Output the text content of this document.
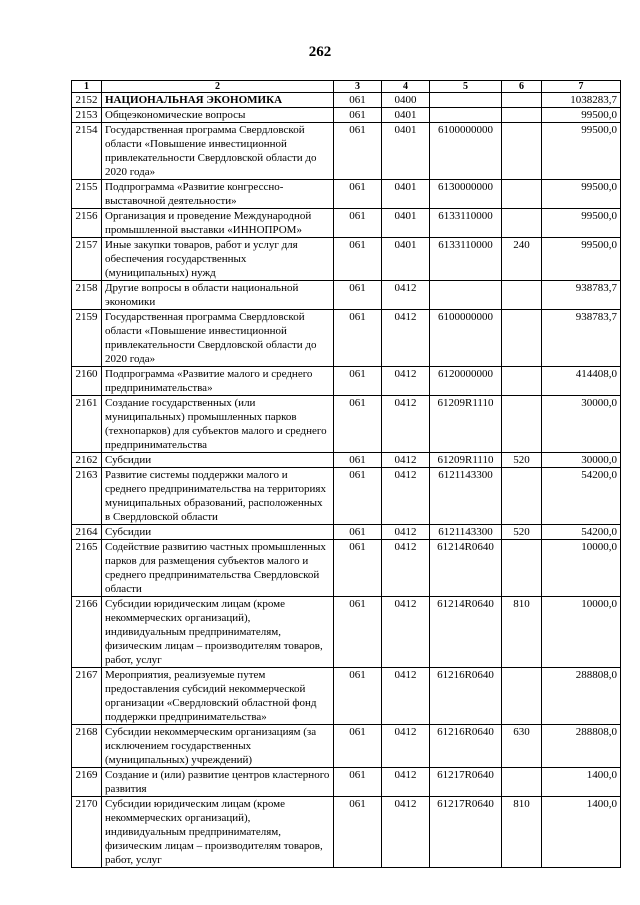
262
1	2	3	4	5	6	7
2152	НАЦИОНАЛЬНАЯ ЭКОНОМИКА	061	0400			1038283,7
2153	Общеэкономические вопросы	061	0401			99500,0
2154	Государственная программа Свердловской области «Повышение инвестиционной привлекательности Свердловской области до 2020 года»	061	0401	6100000000		99500,0
2155	Подпрограмма «Развитие конгрессно-выставочной деятельности»	061	0401	6130000000		99500,0
2156	Организация и проведение Международной промышленной выставки «ИННОПРОМ»	061	0401	6133110000		99500,0
2157	Иные закупки товаров, работ и услуг для обеспечения государственных (муниципальных) нужд	061	0401	6133110000	240	99500,0
2158	Другие вопросы в области национальной экономики	061	0412			938783,7
2159	Государственная программа Свердловской области «Повышение инвестиционной привлекательности Свердловской области до 2020 года»	061	0412	6100000000		938783,7
2160	Подпрограмма «Развитие малого и среднего предпринимательства»	061	0412	6120000000		414408,0
2161	Создание государственных (или муниципальных) промышленных парков (технопарков) для субъектов малого и среднего предпринимательства	061	0412	61209R1110		30000,0
2162	Субсидии	061	0412	61209R1110	520	30000,0
2163	Развитие системы поддержки малого и среднего предпринимательства на территориях муниципальных образований, расположенных в Свердловской области	061	0412	6121143300		54200,0
2164	Субсидии	061	0412	6121143300	520	54200,0
2165	Содействие развитию частных промышленных парков для размещения субъектов малого и среднего предпринимательства Свердловской области	061	0412	61214R0640		10000,0
2166	Субсидии юридическим лицам (кроме некоммерческих организаций), индивидуальным предпринимателям, физическим лицам – производителям товаров, работ, услуг	061	0412	61214R0640	810	10000,0
2167	Мероприятия, реализуемые путем предоставления субсидий некоммерческой организации «Свердловский областной фонд поддержки предпринимательства»	061	0412	61216R0640		288808,0
2168	Субсидии некоммерческим организациям (за исключением государственных (муниципальных) учреждений)	061	0412	61216R0640	630	288808,0
2169	Создание и (или) развитие центров кластерного развития	061	0412	61217R0640		1400,0
2170	Субсидии юридическим лицам (кроме некоммерческих организаций), индивидуальным предпринимателям, физическим лицам – производителям товаров, работ, услуг	061	0412	61217R0640	810	1400,0
